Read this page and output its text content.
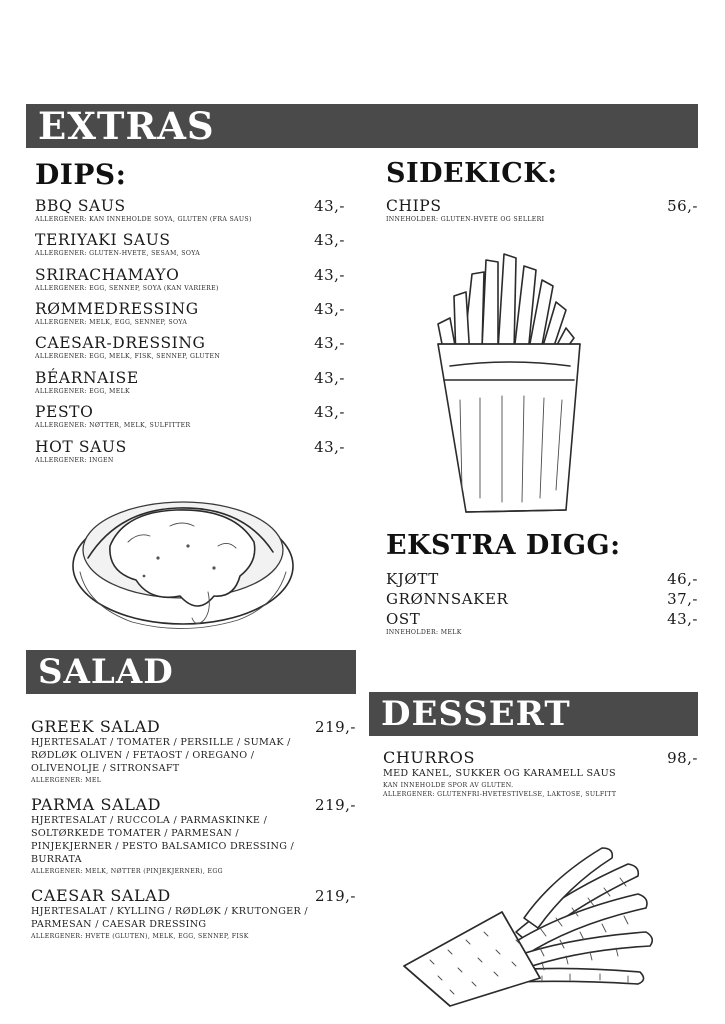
EXTRAS
DIPS:
BBQ SAUS	43,-
ALLERGENER: KAN INNEHOLDE SOYA, GLUTEN (FRA SAUS)
TERIYAKI SAUS	43,-
ALLERGENER: GLUTEN-HVETE, SESAM, SOYA
SRIRACHAMAYO	43,-
ALLERGENER: EGG, SENNEP, SOYA (KAN VARIERE)
RØMMEDRESSING	43,-
ALLERGENER: MELK, EGG, SENNEP, SOYA
CAESAR-DRESSING	43,-
ALLERGENER: EGG, MELK, FISK, SENNEP, GLUTEN
BÉARNAISE	43,-
ALLERGENER: EGG, MELK
PESTO	43,-
ALLERGENER: NØTTER, MELK, SULFITTER
HOT SAUS	43,-
ALLERGENER: INGEN
SIDEKICK:
CHIPS	56,-
INNEHOLDER: GLUTEN-HVETE OG SELLERI
EKSTRA DIGG:
KJØTT	46,-
GRØNNSAKER	37,-
OST	43,-
INNEHOLDER: MELK
SALAD
GREEK SALAD	219,-
HJERTESALAT / TOMATER / PERSILLE / SUMAK / RØDLØK OLIVEN / FETAOST / OREGANO / OLIVENOLJE / SITRONSAFT
ALLERGENER: MEL
PARMA SALAD	219,-
HJERTESALAT / RUCCOLA / PARMASKINKE / SOLTØRKEDE TOMATER / PARMESAN / PINJEKJERNER / PESTO BALSAMICO DRESSING / BURRATA
ALLERGENER: MELK, NØTTER (PINJEKJERNER), EGG
CAESAR SALAD	219,-
HJERTESALAT / KYLLING / RØDLØK / KRUTONGER / PARMESAN / CAESAR DRESSING
ALLERGENER: HVETE (GLUTEN), MELK, EGG, SENNEP, FISK
DESSERT
CHURROS	98,-
MED KANEL, SUKKER OG KARAMELL SAUS
KAN INNEHOLDE SPOR AV GLUTEN.
ALLERGENER: GLUTENFRI-HVETESTIVELSE, LAKTOSE, SULFITT
